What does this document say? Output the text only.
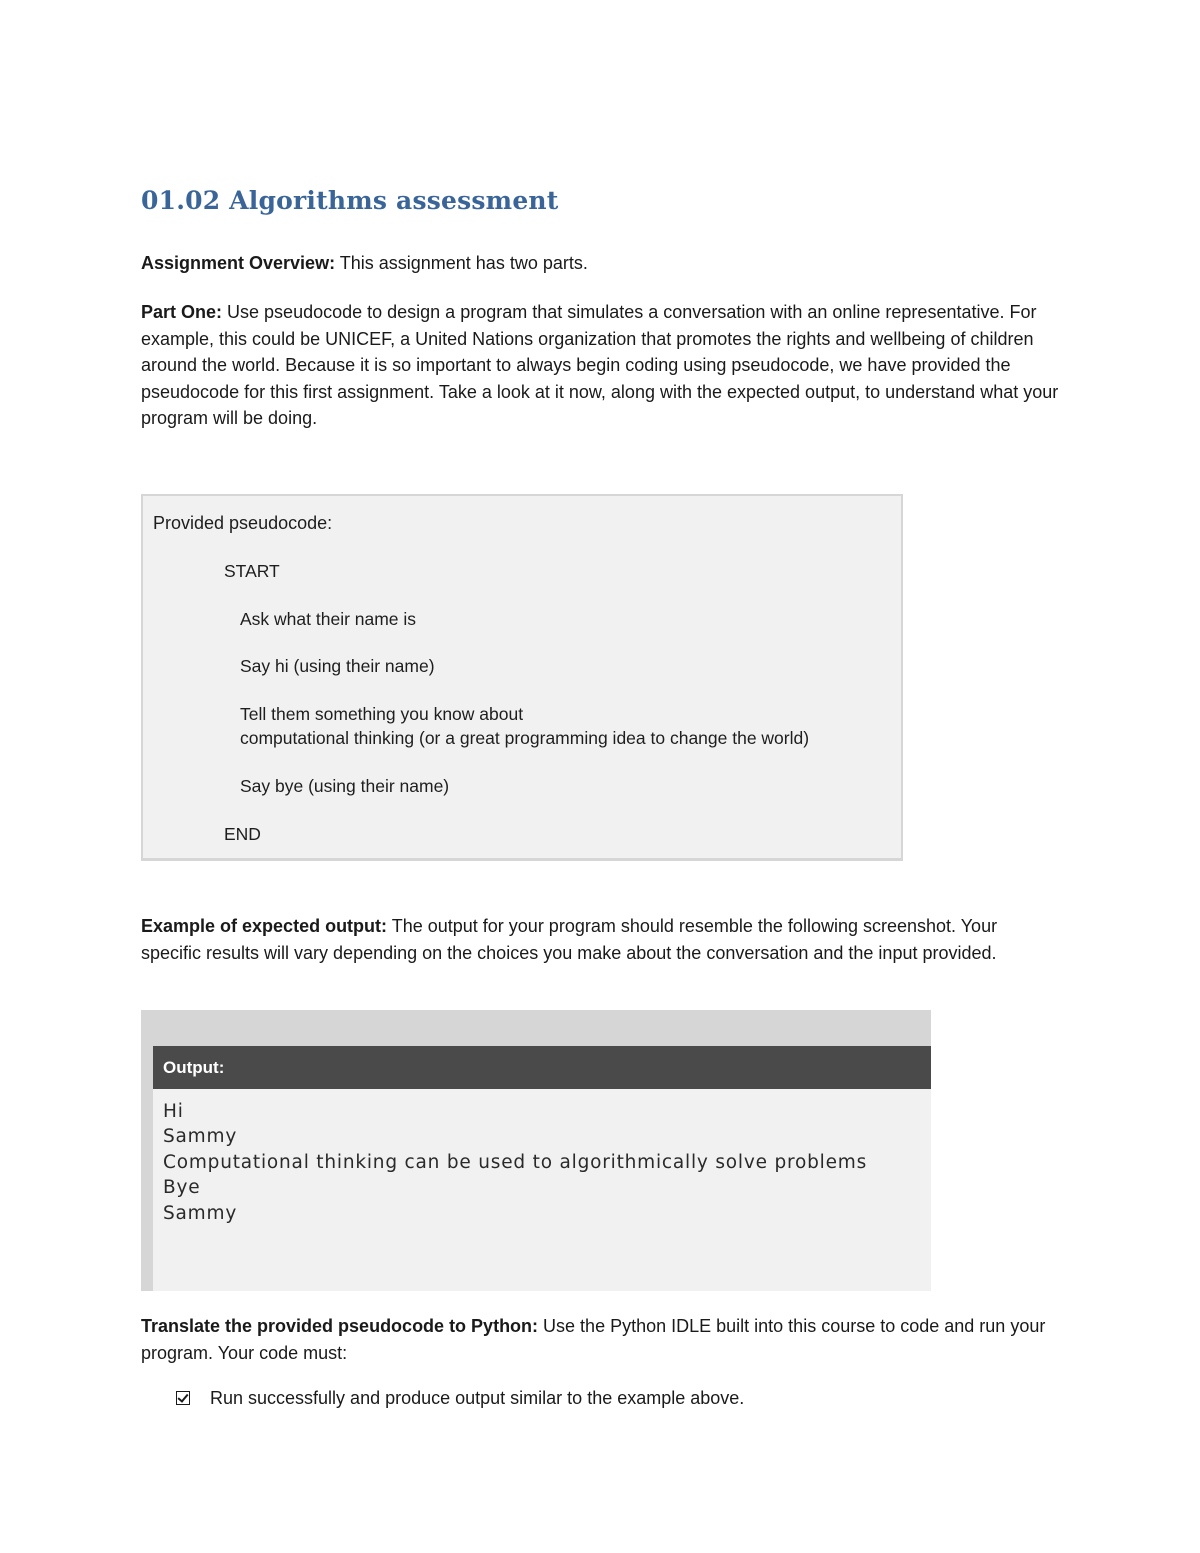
01.02 Algorithms assessment

Assignment Overview: This assignment has two parts.

Part One: Use pseudocode to design a program that simulates a conversation with an online representative. For example, this could be UNICEF, a United Nations organization that promotes the rights and wellbeing of children around the world. Because it is so important to always begin coding using pseudocode, we have provided the pseudocode for this first assignment. Take a look at it now, along with the expected output, to understand what your program will be doing.

Provided pseudocode:
START
Ask what their name is
Say hi (using their name)
Tell them something you know about
computational thinking (or a great programming idea to change the world)
Say bye (using their name)
END

Example of expected output: The output for your program should resemble the following screenshot. Your specific results will vary depending on the choices you make about the conversation and the input provided.

Output:
Hi
Sammy
Computational thinking can be used to algorithmically solve problems
Bye
Sammy

Translate the provided pseudocode to Python: Use the Python IDLE built into this course to code and run your program. Your code must:

Run successfully and produce output similar to the example above.
